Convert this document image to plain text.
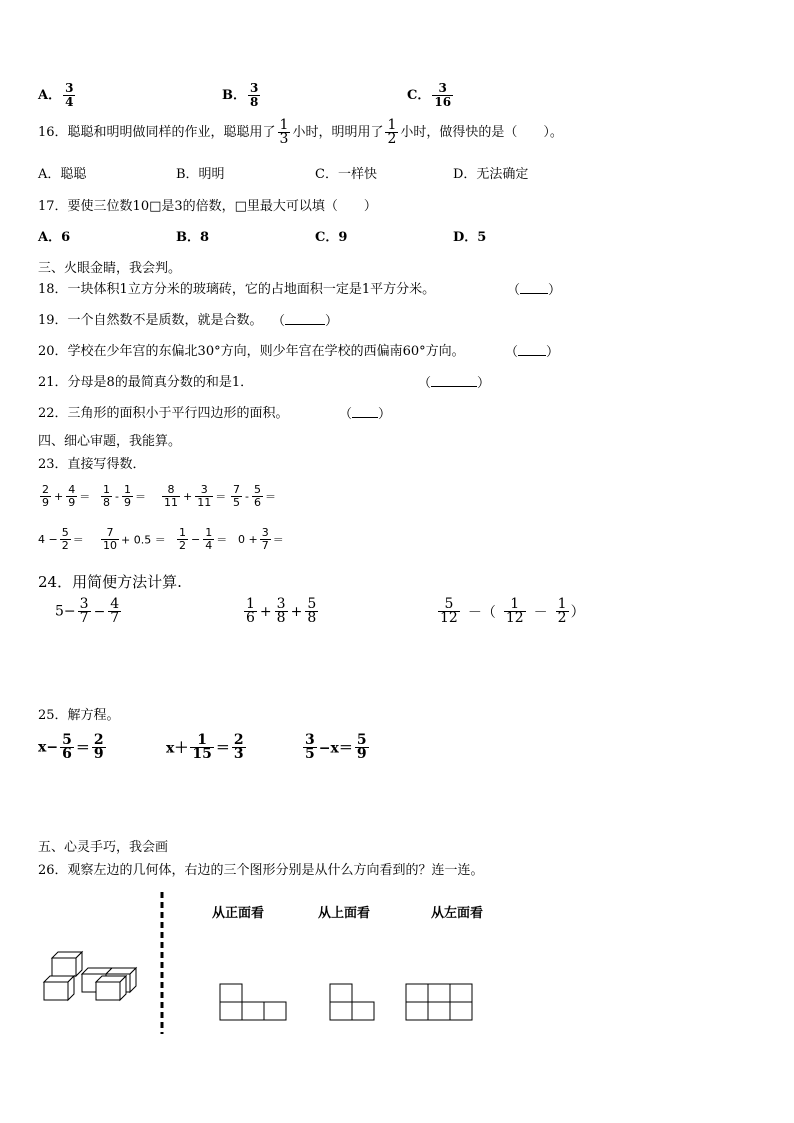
A． $\frac{3}{4}$	B． $\frac{3}{8}$	C． $\frac{3}{16}$
16．聪聪和明明做同样的作业，聪聪用了 $\frac{1}{3}$ 小时，明明用了 $\frac{1}{2}$ 小时，做得快的是（　　）。
A．聪聪	B．明明	C．一样快	D．无法确定
17．要使三位数10□是3的倍数，□里最大可以填（　　）
A．6	B．8	C．9	D．5
三、火眼金睛，我会判。
18．一块体积1立方分米的玻璃砖，它的占地面积一定是1平方分米。	（ ）
19．一个自然数不是质数，就是合数。 （	）
20．学校在少年宫的东偏北30°方向，则少年宫在学校的西偏南60°方向。	（ ）
21．分母是8的最简真分数的和是1．	（	）
22．三角形的面积小于平行四边形的面积。	（ ）
四、细心审题，我能算。
23．直接写得数．
$\frac{2}{9} + \frac{4}{9} = \frac{1}{8} - \frac{1}{9} = \frac{8}{11} + \frac{3}{11} = \frac{7}{5} - \frac{5}{6}$ ＝
$4 - \frac{5}{2} = \frac{7}{10} + 0.5 = \frac{1}{2} - \frac{1}{4} = 0 + \frac{3}{7}$ ＝
24．用简便方法计算.
$5- \frac{3}{7} - \frac{4}{7}$	$\frac{1}{6} + \frac{3}{8} + \frac{5}{8}$	$\frac{5}{12}$ －（ $\frac{1}{12} - \frac{1}{2}$ ）
25．解方程。
$x- \frac{5}{6} = \frac{2}{9}$	$x+ \frac{1}{15} = \frac{2}{3}$	$\frac{3}{5} -x= \frac{5}{9}$
五、心灵手巧，我会画
26．观察左边的几何体，右边的三个图形分别是从什么方向看到的？连一连。
从正面看	从上面看	从左面看
